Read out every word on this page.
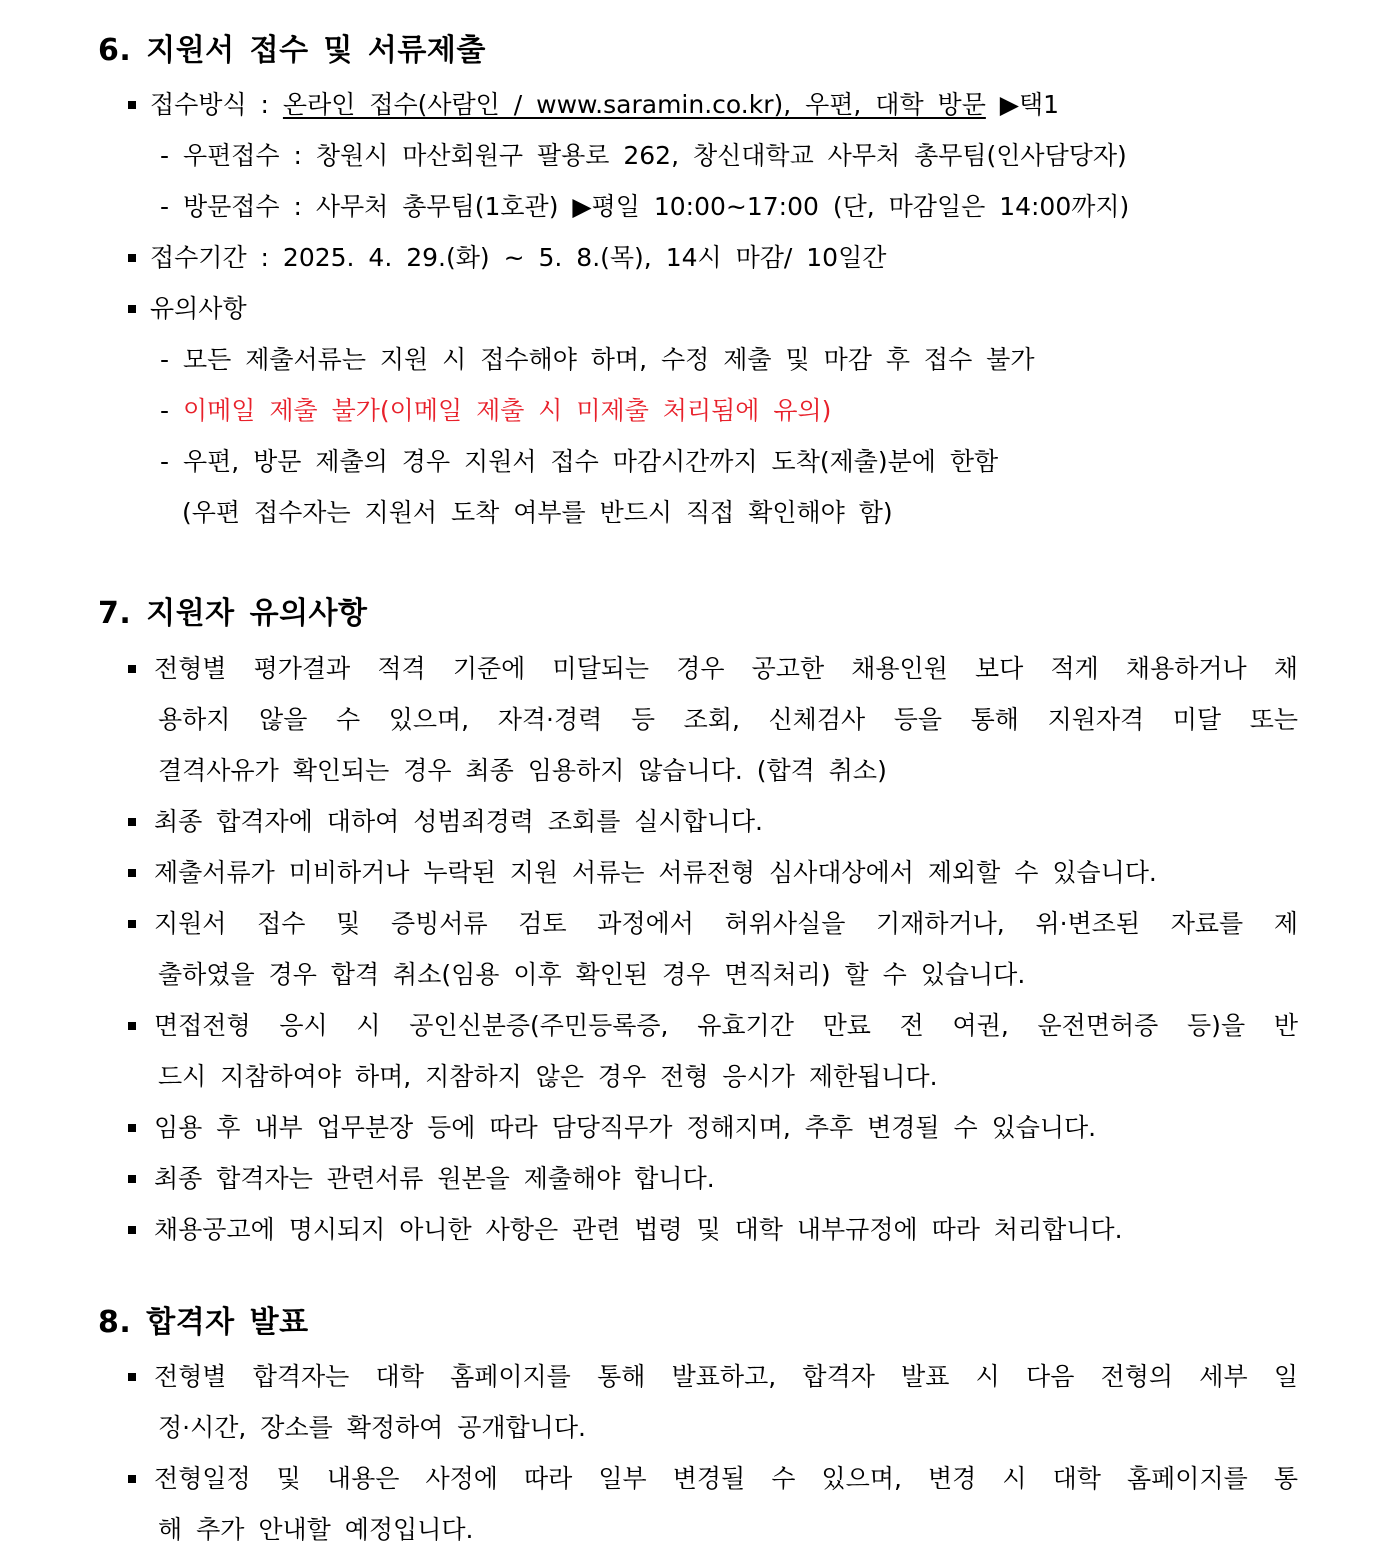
6. 지원서 접수 및 서류제출
접수방식 : 온라인 접수(사람인 / www.saramin.co.kr), 우편, 대학 방문 ▶택1
- 우편접수 : 창원시 마산회원구 팔용로 262, 창신대학교 사무처 총무팀(인사담당자)
- 방문접수 : 사무처 총무팀(1호관) ▶평일 10:00~17:00 (단, 마감일은 14:00까지)
접수기간 : 2025. 4. 29.(화) ~ 5. 8.(목), 14시 마감/ 10일간
유의사항
- 모든 제출서류는 지원 시 접수해야 하며, 수정 제출 및 마감 후 접수 불가
- 이메일 제출 불가(이메일 제출 시 미제출 처리됨에 유의)
- 우편, 방문 제출의 경우 지원서 접수 마감시간까지 도착(제출)분에 한함
(우편 접수자는 지원서 도착 여부를 반드시 직접 확인해야 함)
7. 지원자 유의사항
전형별 평가결과 적격 기준에 미달되는 경우 공고한 채용인원 보다 적게 채용하거나 채
용하지 않을 수 있으며, 자격·경력 등 조회, 신체검사 등을 통해 지원자격 미달 또는
결격사유가 확인되는 경우 최종 임용하지 않습니다. (합격 취소)
최종 합격자에 대하여 성범죄경력 조회를 실시합니다.
제출서류가 미비하거나 누락된 지원 서류는 서류전형 심사대상에서 제외할 수 있습니다.
지원서 접수 및 증빙서류 검토 과정에서 허위사실을 기재하거나, 위·변조된 자료를 제
출하였을 경우 합격 취소(임용 이후 확인된 경우 면직처리) 할 수 있습니다.
면접전형 응시 시 공인신분증(주민등록증, 유효기간 만료 전 여권, 운전면허증 등)을 반
드시 지참하여야 하며, 지참하지 않은 경우 전형 응시가 제한됩니다.
임용 후 내부 업무분장 등에 따라 담당직무가 정해지며, 추후 변경될 수 있습니다.
최종 합격자는 관련서류 원본을 제출해야 합니다.
채용공고에 명시되지 아니한 사항은 관련 법령 및 대학 내부규정에 따라 처리합니다.
8. 합격자 발표
전형별 합격자는 대학 홈페이지를 통해 발표하고, 합격자 발표 시 다음 전형의 세부 일
정·시간, 장소를 확정하여 공개합니다.
전형일정 및 내용은 사정에 따라 일부 변경될 수 있으며, 변경 시 대학 홈페이지를 통
해 추가 안내할 예정입니다.
